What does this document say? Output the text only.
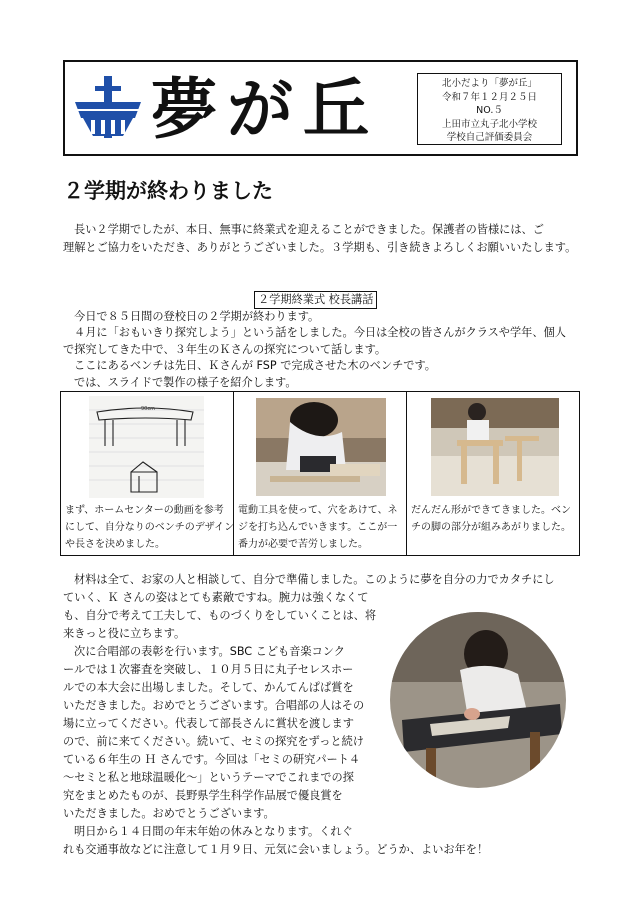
夢が丘	北小だより「夢が丘」
令和７年１２月２５日
NO.５
上田市立丸子北小学校
学校自己評価委員会
２学期が終わりました
長い２学期でしたが、本日、無事に終業式を迎えることができました。保護者の皆様には、ご
理解とご協力をいただき、ありがとうございました。３学期も、引き続きよろしくお願いいたします。
２学期終業式 校長講話
今日で８５日間の登校日の２学期が終わります。
４月に「おもいきり探究しよう」という話をしました。今日は全校の皆さんがクラスや学年、個人
で探究してきた中で、３年生のＫさんの探究について話します。
ここにあるベンチは先日、Ｋさんが FSP で完成させた木のベンチです。
では、スライドで製作の様子を紹介します。
90cm
まず、ホームセンターの動画を参考
にして、自分なりのベンチのデザイン
や長さを決めました。

電動工具を使って、穴をあけて、ネ
ジを打ち込んでいきます。ここが一
番力が必要で苦労しました。

だんだん形ができてきました。ベン
チの脚の部分が組みあがりました。
材料は全て、お家の人と相談して、自分で準備しました。このように夢を自分の力でカタチにし
ていく、Ｋ さんの姿はとても素敵ですね。腕力は強くなくて
も、自分で考えて工夫して、ものづくりをしていくことは、将
来きっと役に立ちます。
次に合唱部の表彰を行います。SBC こども音楽コンク
ールでは１次審査を突破し、１０月５日に丸子セレスホー
ルでの本大会に出場しました。そして、かんてんぱぱ賞を
いただきました。おめでとうございます。合唱部の人はその
場に立ってください。代表して部長さんに賞状を渡します
ので、前に来てください。続いて、セミの探究をずっと続け
ている６年生の Ｈ さんです。今回は「セミの研究パート４
～セミと私と地球温暖化～」というテーマでこれまでの探
究をまとめたものが、長野県学生科学作品展で優良賞を
いただきました。おめでとうございます。
明日から１４日間の年末年始の休みとなります。くれぐ
れも交通事故などに注意して１月９日、元気に会いましょう。どうか、よいお年を！
